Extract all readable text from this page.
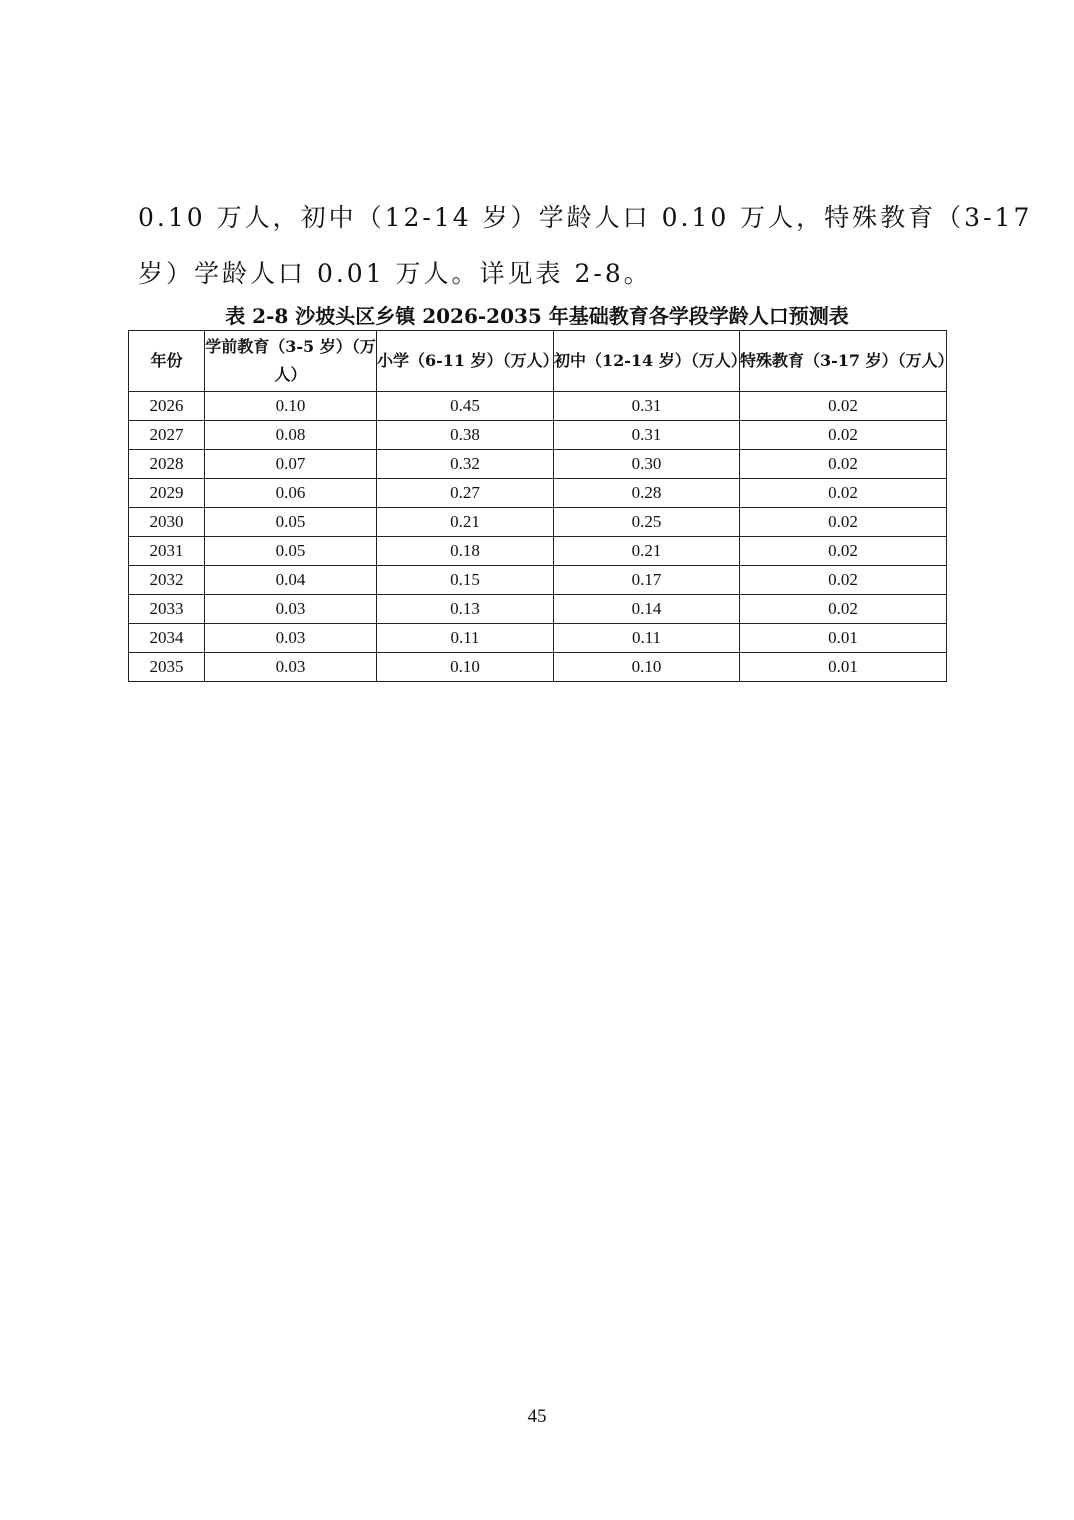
0.10 万人，初中（12-14 岁）学龄人口 0.10 万人，特殊教育（3-17
岁）学龄人口 0.01 万人。详见表 2-8。

表 2-8 沙坡头区乡镇 2026-2035 年基础教育各学段学龄人口预测表
年份	学前教育（3-5 岁）（万人）	小学（6-11 岁）（万人）	初中（12-14 岁）（万人）	特殊教育（3-17 岁）（万人）
2026	0.10	0.45	0.31	0.02
2027	0.08	0.38	0.31	0.02
2028	0.07	0.32	0.30	0.02
2029	0.06	0.27	0.28	0.02
2030	0.05	0.21	0.25	0.02
2031	0.05	0.18	0.21	0.02
2032	0.04	0.15	0.17	0.02
2033	0.03	0.13	0.14	0.02
2034	0.03	0.11	0.11	0.01
2035	0.03	0.10	0.10	0.01
45
